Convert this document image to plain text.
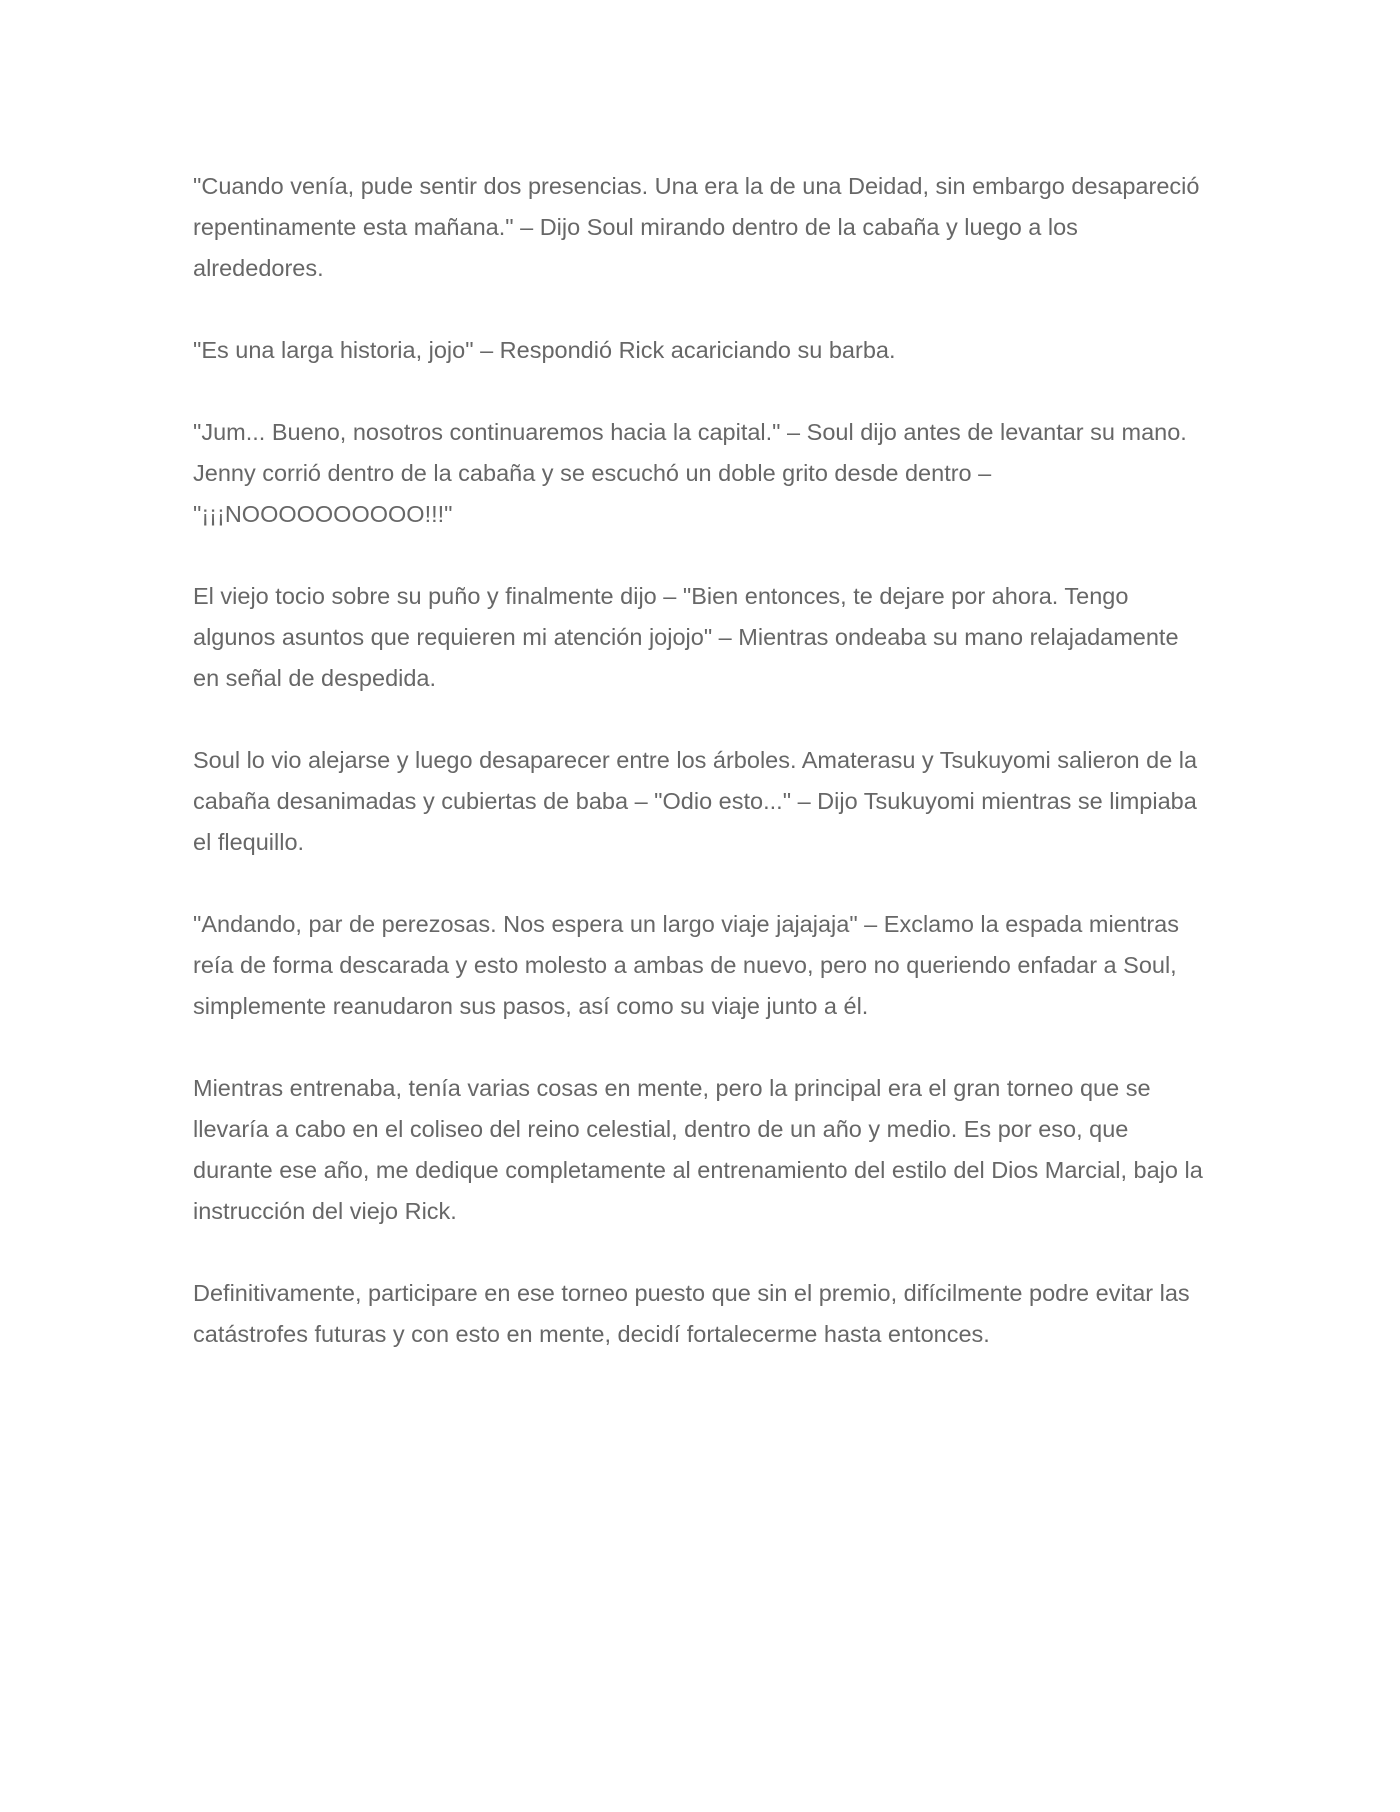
"Cuando venía, pude sentir dos presencias. Una era la de una Deidad, sin embargo desapareció repentinamente esta mañana." – Dijo Soul mirando dentro de la cabaña y luego a los alrededores.

"Es una larga historia, jojo" – Respondió Rick acariciando su barba.

"Jum... Bueno, nosotros continuaremos hacia la capital." – Soul dijo antes de levantar su mano. Jenny corrió dentro de la cabaña y se escuchó un doble grito desde dentro – "¡¡¡NOOOOOOOOOO!!!"

El viejo tocio sobre su puño y finalmente dijo – "Bien entonces, te dejare por ahora. Tengo algunos asuntos que requieren mi atención jojojo" – Mientras ondeaba su mano relajadamente en señal de despedida.

Soul lo vio alejarse y luego desaparecer entre los árboles. Amaterasu y Tsukuyomi salieron de la cabaña desanimadas y cubiertas de baba – "Odio esto..." – Dijo Tsukuyomi mientras se limpiaba el flequillo.

"Andando, par de perezosas. Nos espera un largo viaje jajajaja" – Exclamo la espada mientras reía de forma descarada y esto molesto a ambas de nuevo, pero no queriendo enfadar a Soul, simplemente reanudaron sus pasos, así como su viaje junto a él.

Mientras entrenaba, tenía varias cosas en mente, pero la principal era el gran torneo que se llevaría a cabo en el coliseo del reino celestial, dentro de un año y medio. Es por eso, que durante ese año, me dedique completamente al entrenamiento del estilo del Dios Marcial, bajo la instrucción del viejo Rick.

Definitivamente, participare en ese torneo puesto que sin el premio, difícilmente podre evitar las catástrofes futuras y con esto en mente, decidí fortalecerme hasta entonces.
